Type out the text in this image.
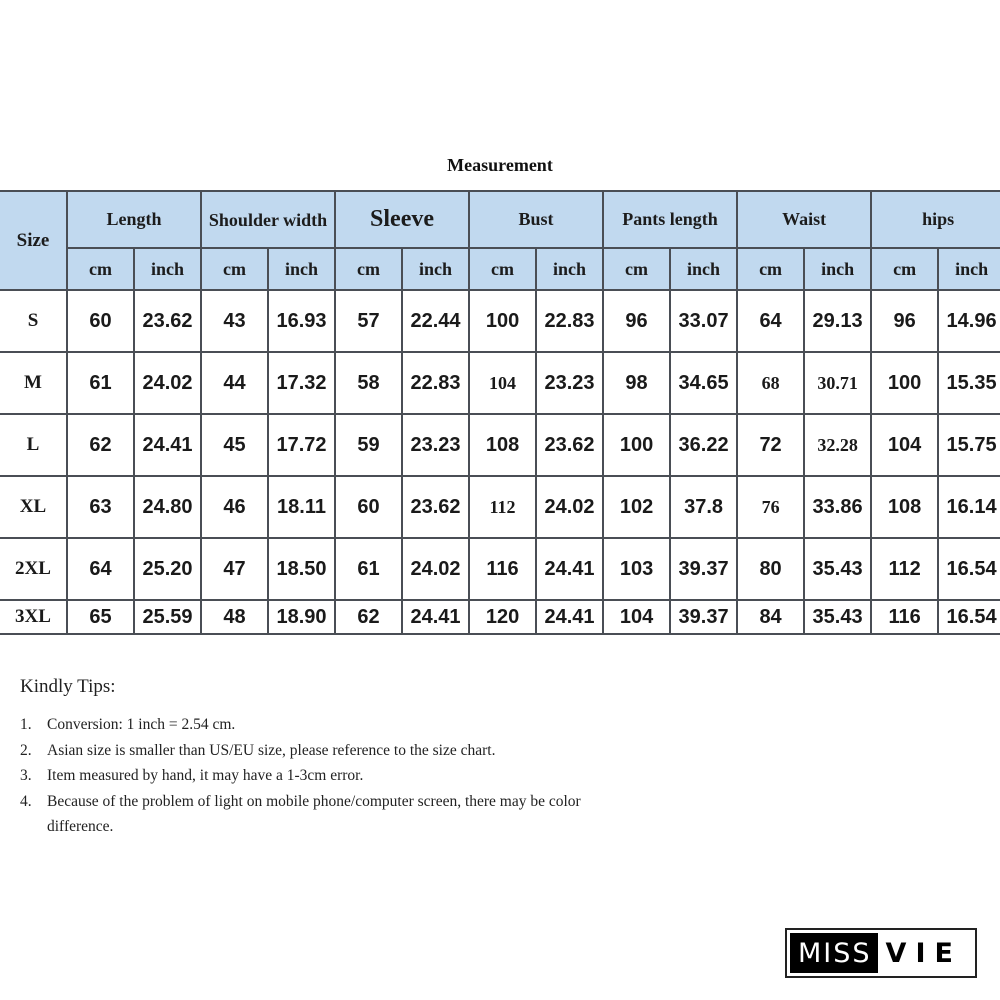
Measurement
Size	Length		Shoulder width		Sleeve		Bust		Pants length		Waist		hips	
	cm	inch	cm	inch	cm	inch	cm	inch	cm	inch	cm	inch	cm	inch
S	60	23.62	43	16.93	57	22.44	100	22.83	96	33.07	64	29.13	96	14.96
M	61	24.02	44	17.32	58	22.83	104	23.23	98	34.65	68	30.71	100	15.35
L	62	24.41	45	17.72	59	23.23	108	23.62	100	36.22	72	32.28	104	15.75
XL	63	24.80	46	18.11	60	23.62	112	24.02	102	37.8	76	33.86	108	16.14
2XL	64	25.20	47	18.50	61	24.02	116	24.41	103	39.37	80	35.43	112	16.54
3XL	65	25.59	48	18.90	62	24.41	120	24.41	104	39.37	84	35.43	116	16.54
Kindly Tips:
1. Conversion: 1 inch = 2.54 cm.
2. Asian size is smaller than US/EU size, please reference to the size chart.
3. Item measured by hand, it may have a 1-3cm error.
4. Because of the problem of light on mobile phone/computer screen, there may be color difference.
MISS VIE
